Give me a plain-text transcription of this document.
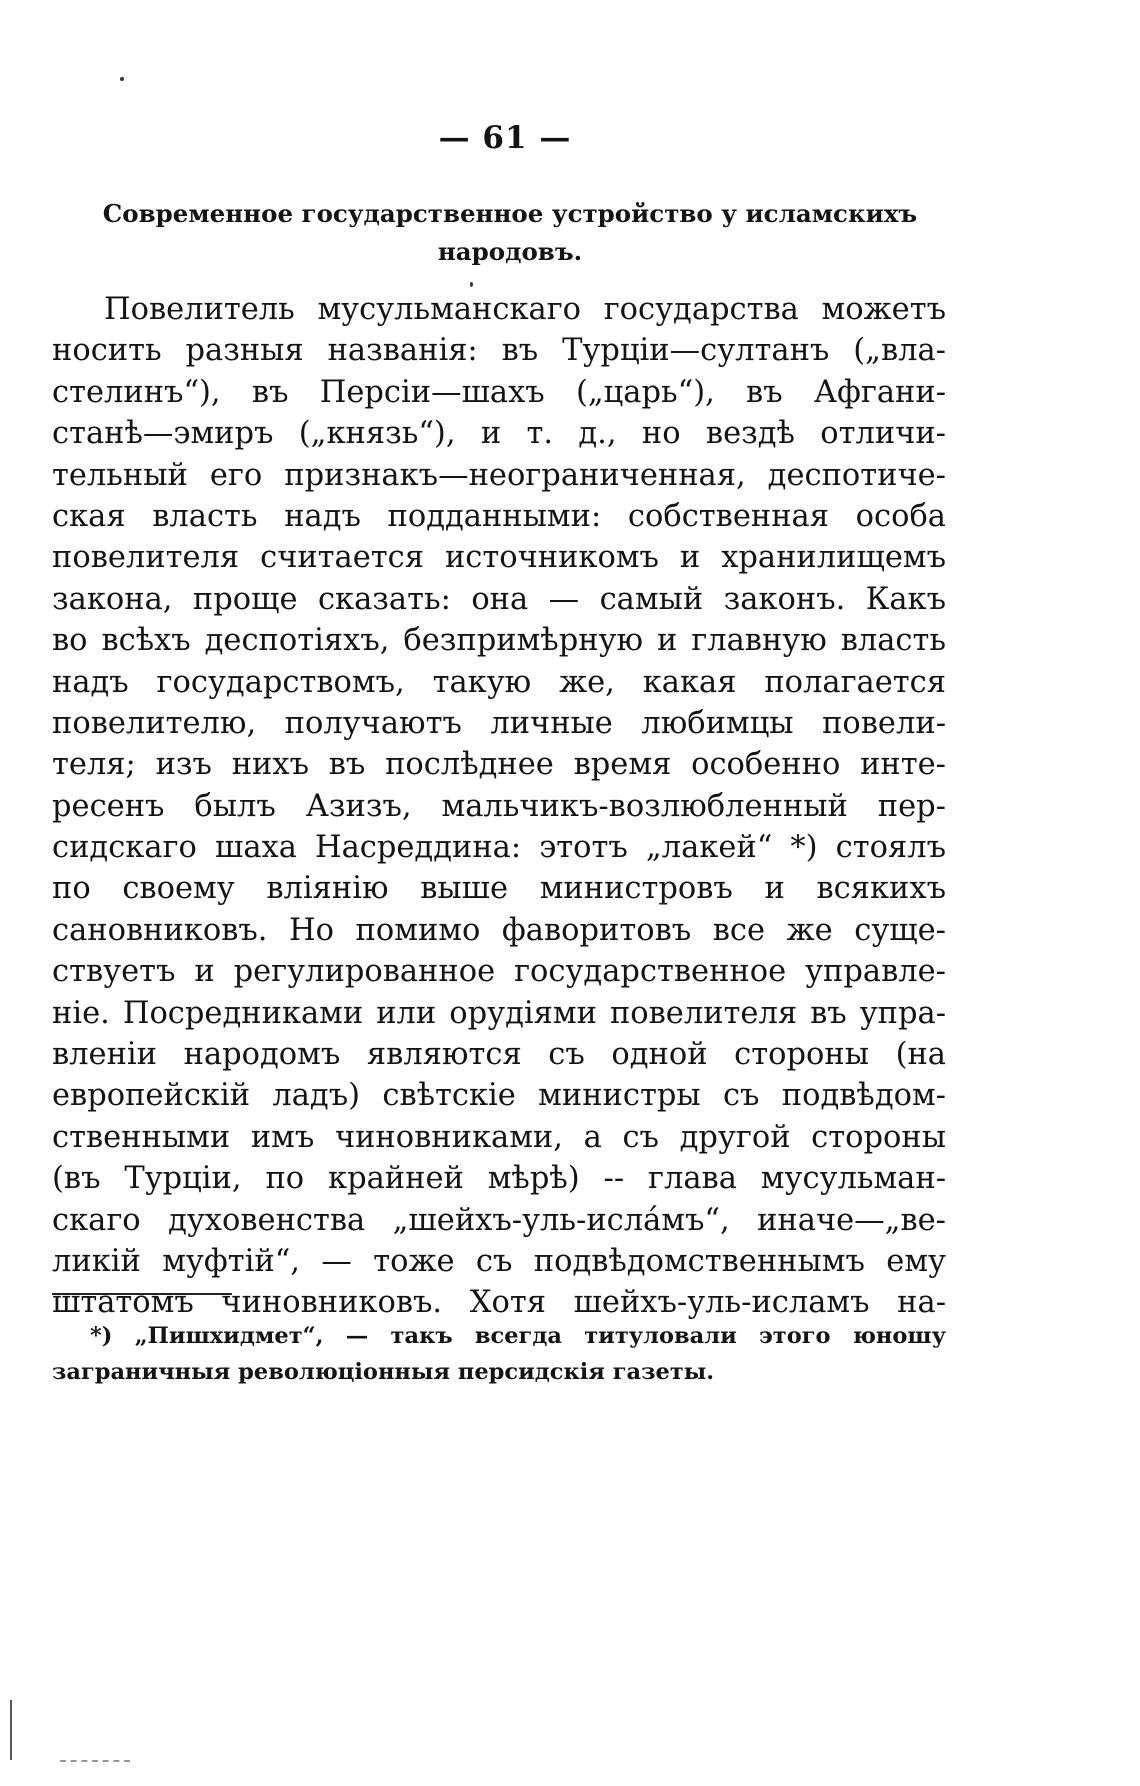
— 61 —
Современное государственное устройство у исламскихъ
народовъ.
Повелитель мусульманскаго государства можетъ
носить разныя названія: въ Турціи—султанъ („вла-
стелинъ“), въ Персіи—шахъ („царь“), въ Афгани-
станѣ—эмиръ („князь“), и т. д., но вездѣ отличи-
тельный его признакъ—неограниченная, деспотиче-
ская власть надъ подданными: собственная особа
повелителя считается источникомъ и хранилищемъ
закона, проще сказать: она — самый законъ. Какъ
во всѣхъ деспотіяхъ, безпримѣрную и главную власть
надъ государствомъ, такую же, какая полагается
повелителю, получаютъ личные любимцы повели-
теля; изъ нихъ въ послѣднее время особенно инте-
ресенъ былъ Азизъ, мальчикъ-возлюбленный пер-
сидскаго шаха Насреддина: этотъ „лакей“ *) стоялъ
по своему вліянію выше министровъ и всякихъ
сановниковъ. Но помимо фаворитовъ все же суще-
ствуетъ и регулированное государственное управле-
ніе. Посредниками или орудіями повелителя въ упра-
вленіи народомъ являются съ одной стороны (на
европейскій ладъ) свѣтскіе министры съ подвѣдом-
ственными имъ чиновниками, а съ другой стороны
(въ Турціи, по крайней мѣрѣ) -- глава мусульман-
скаго духовенства „шейхъ-уль-исла́мъ“, иначе—„ве-
ликій муфтій“, — тоже съ подвѣдомственнымъ ему
штатомъ чиновниковъ. Хотя шейхъ-уль-исламъ на-
*) „Пишхидмет“, — такъ всегда титуловали этого юношу
заграничныя революціонныя персидскія газеты.
